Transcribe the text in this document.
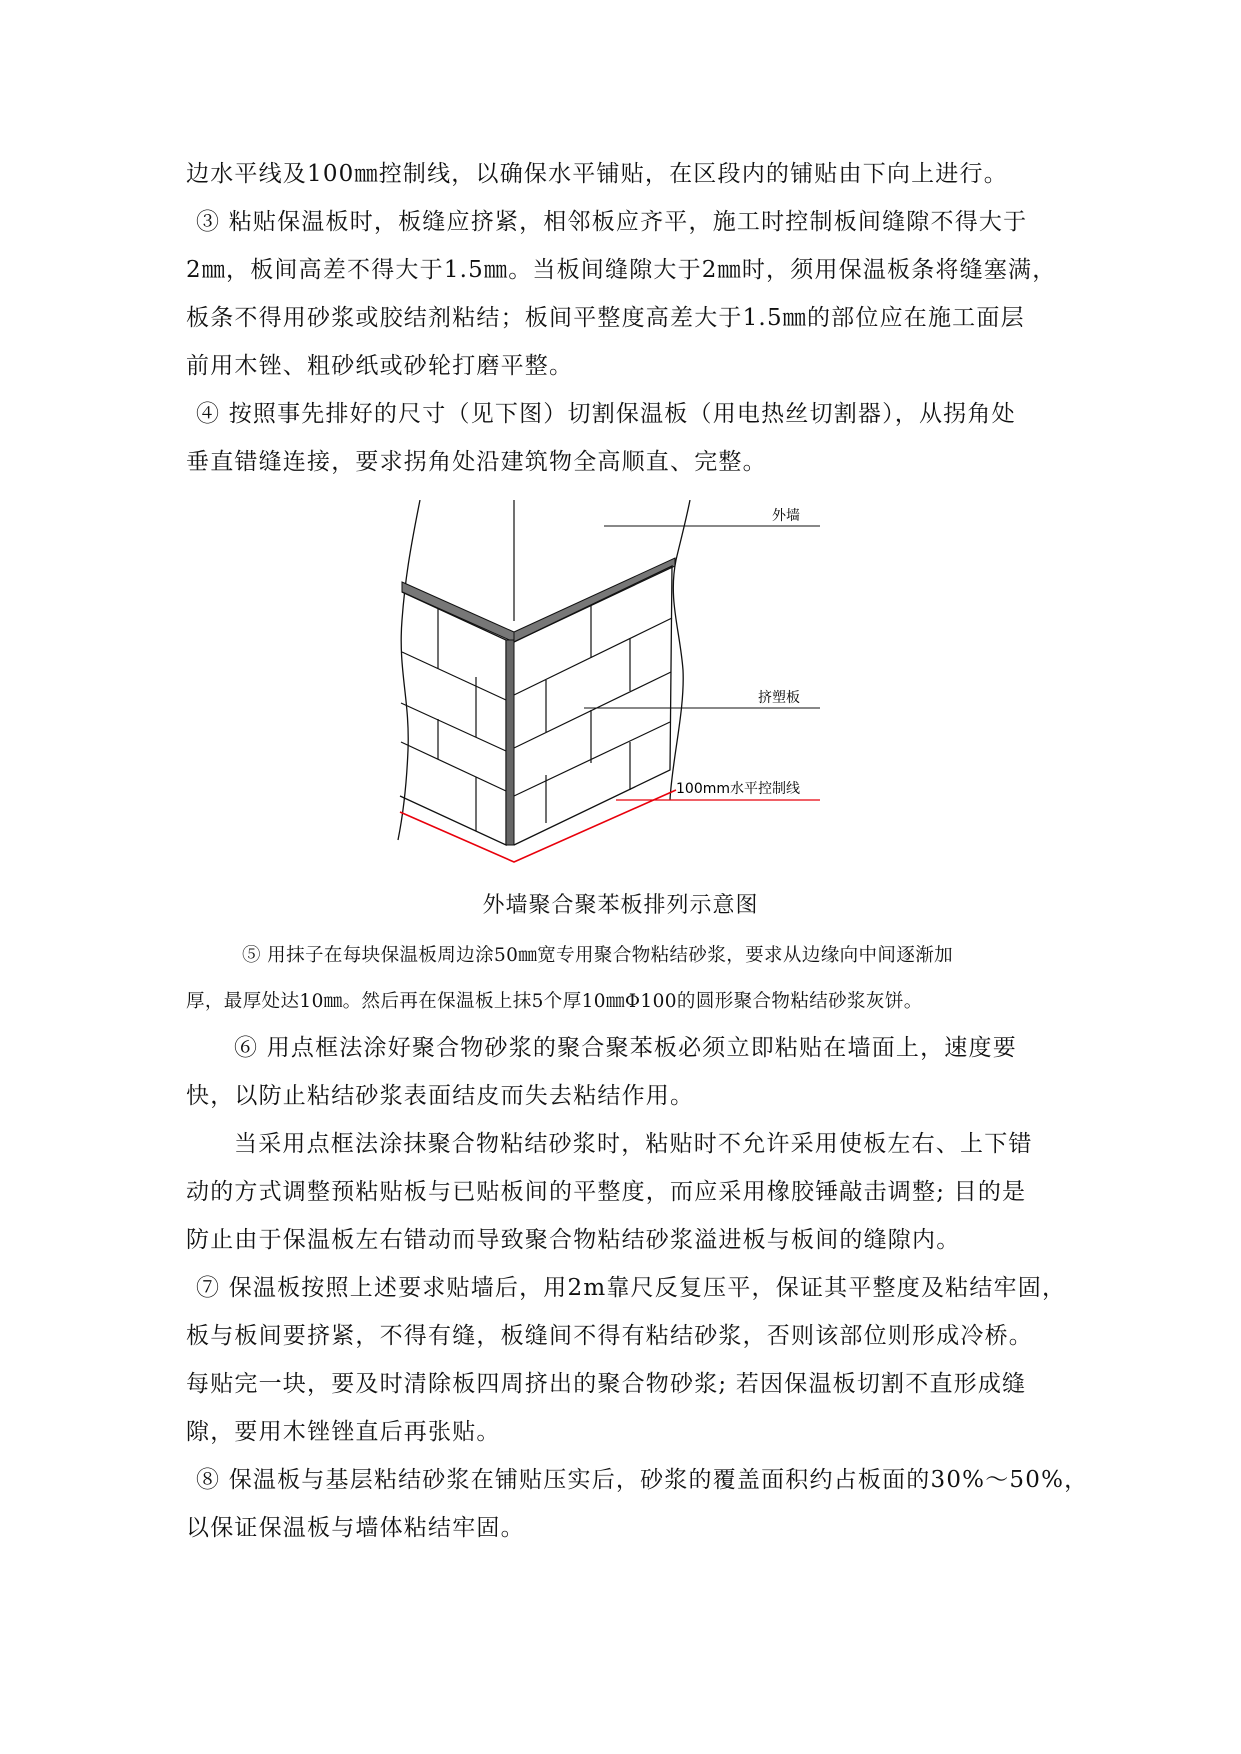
边水平线及100㎜控制线，以确保水平铺贴，在区段内的铺贴由下向上进行。
③ 粘贴保温板时，板缝应挤紧，相邻板应齐平，施工时控制板间缝隙不得大于
2㎜，板间高差不得大于1.5㎜。当板间缝隙大于2㎜时，须用保温板条将缝塞满，
板条不得用砂浆或胶结剂粘结；板间平整度高差大于1.5㎜的部位应在施工面层
前用木锉、粗砂纸或砂轮打磨平整。
④ 按照事先排好的尺寸（见下图）切割保温板（用电热丝切割器），从拐角处
垂直错缝连接，要求拐角处沿建筑物全高顺直、完整。
外墙
挤塑板
100mm水平控制线
外墙聚合聚苯板排列示意图
⑤ 用抹子在每块保温板周边涂50㎜宽专用聚合物粘结砂浆，要求从边缘向中间逐渐加
厚，最厚处达10㎜。然后再在保温板上抹5个厚10㎜Φ100的圆形聚合物粘结砂浆灰饼。
⑥ 用点框法涂好聚合物砂浆的聚合聚苯板必须立即粘贴在墙面上，速度要
快，以防止粘结砂浆表面结皮而失去粘结作用。
当采用点框法涂抹聚合物粘结砂浆时，粘贴时不允许采用使板左右、上下错
动的方式调整预粘贴板与已贴板间的平整度，而应采用橡胶锤敲击调整; 目的是
防止由于保温板左右错动而导致聚合物粘结砂浆溢进板与板间的缝隙内。
⑦ 保温板按照上述要求贴墙后，用2m靠尺反复压平，保证其平整度及粘结牢固，
板与板间要挤紧，不得有缝，板缝间不得有粘结砂浆，否则该部位则形成冷桥。
每贴完一块，要及时清除板四周挤出的聚合物砂浆; 若因保温板切割不直形成缝
隙，要用木锉锉直后再张贴。
⑧ 保温板与基层粘结砂浆在铺贴压实后，砂浆的覆盖面积约占板面的30%～50%，
以保证保温板与墙体粘结牢固。
